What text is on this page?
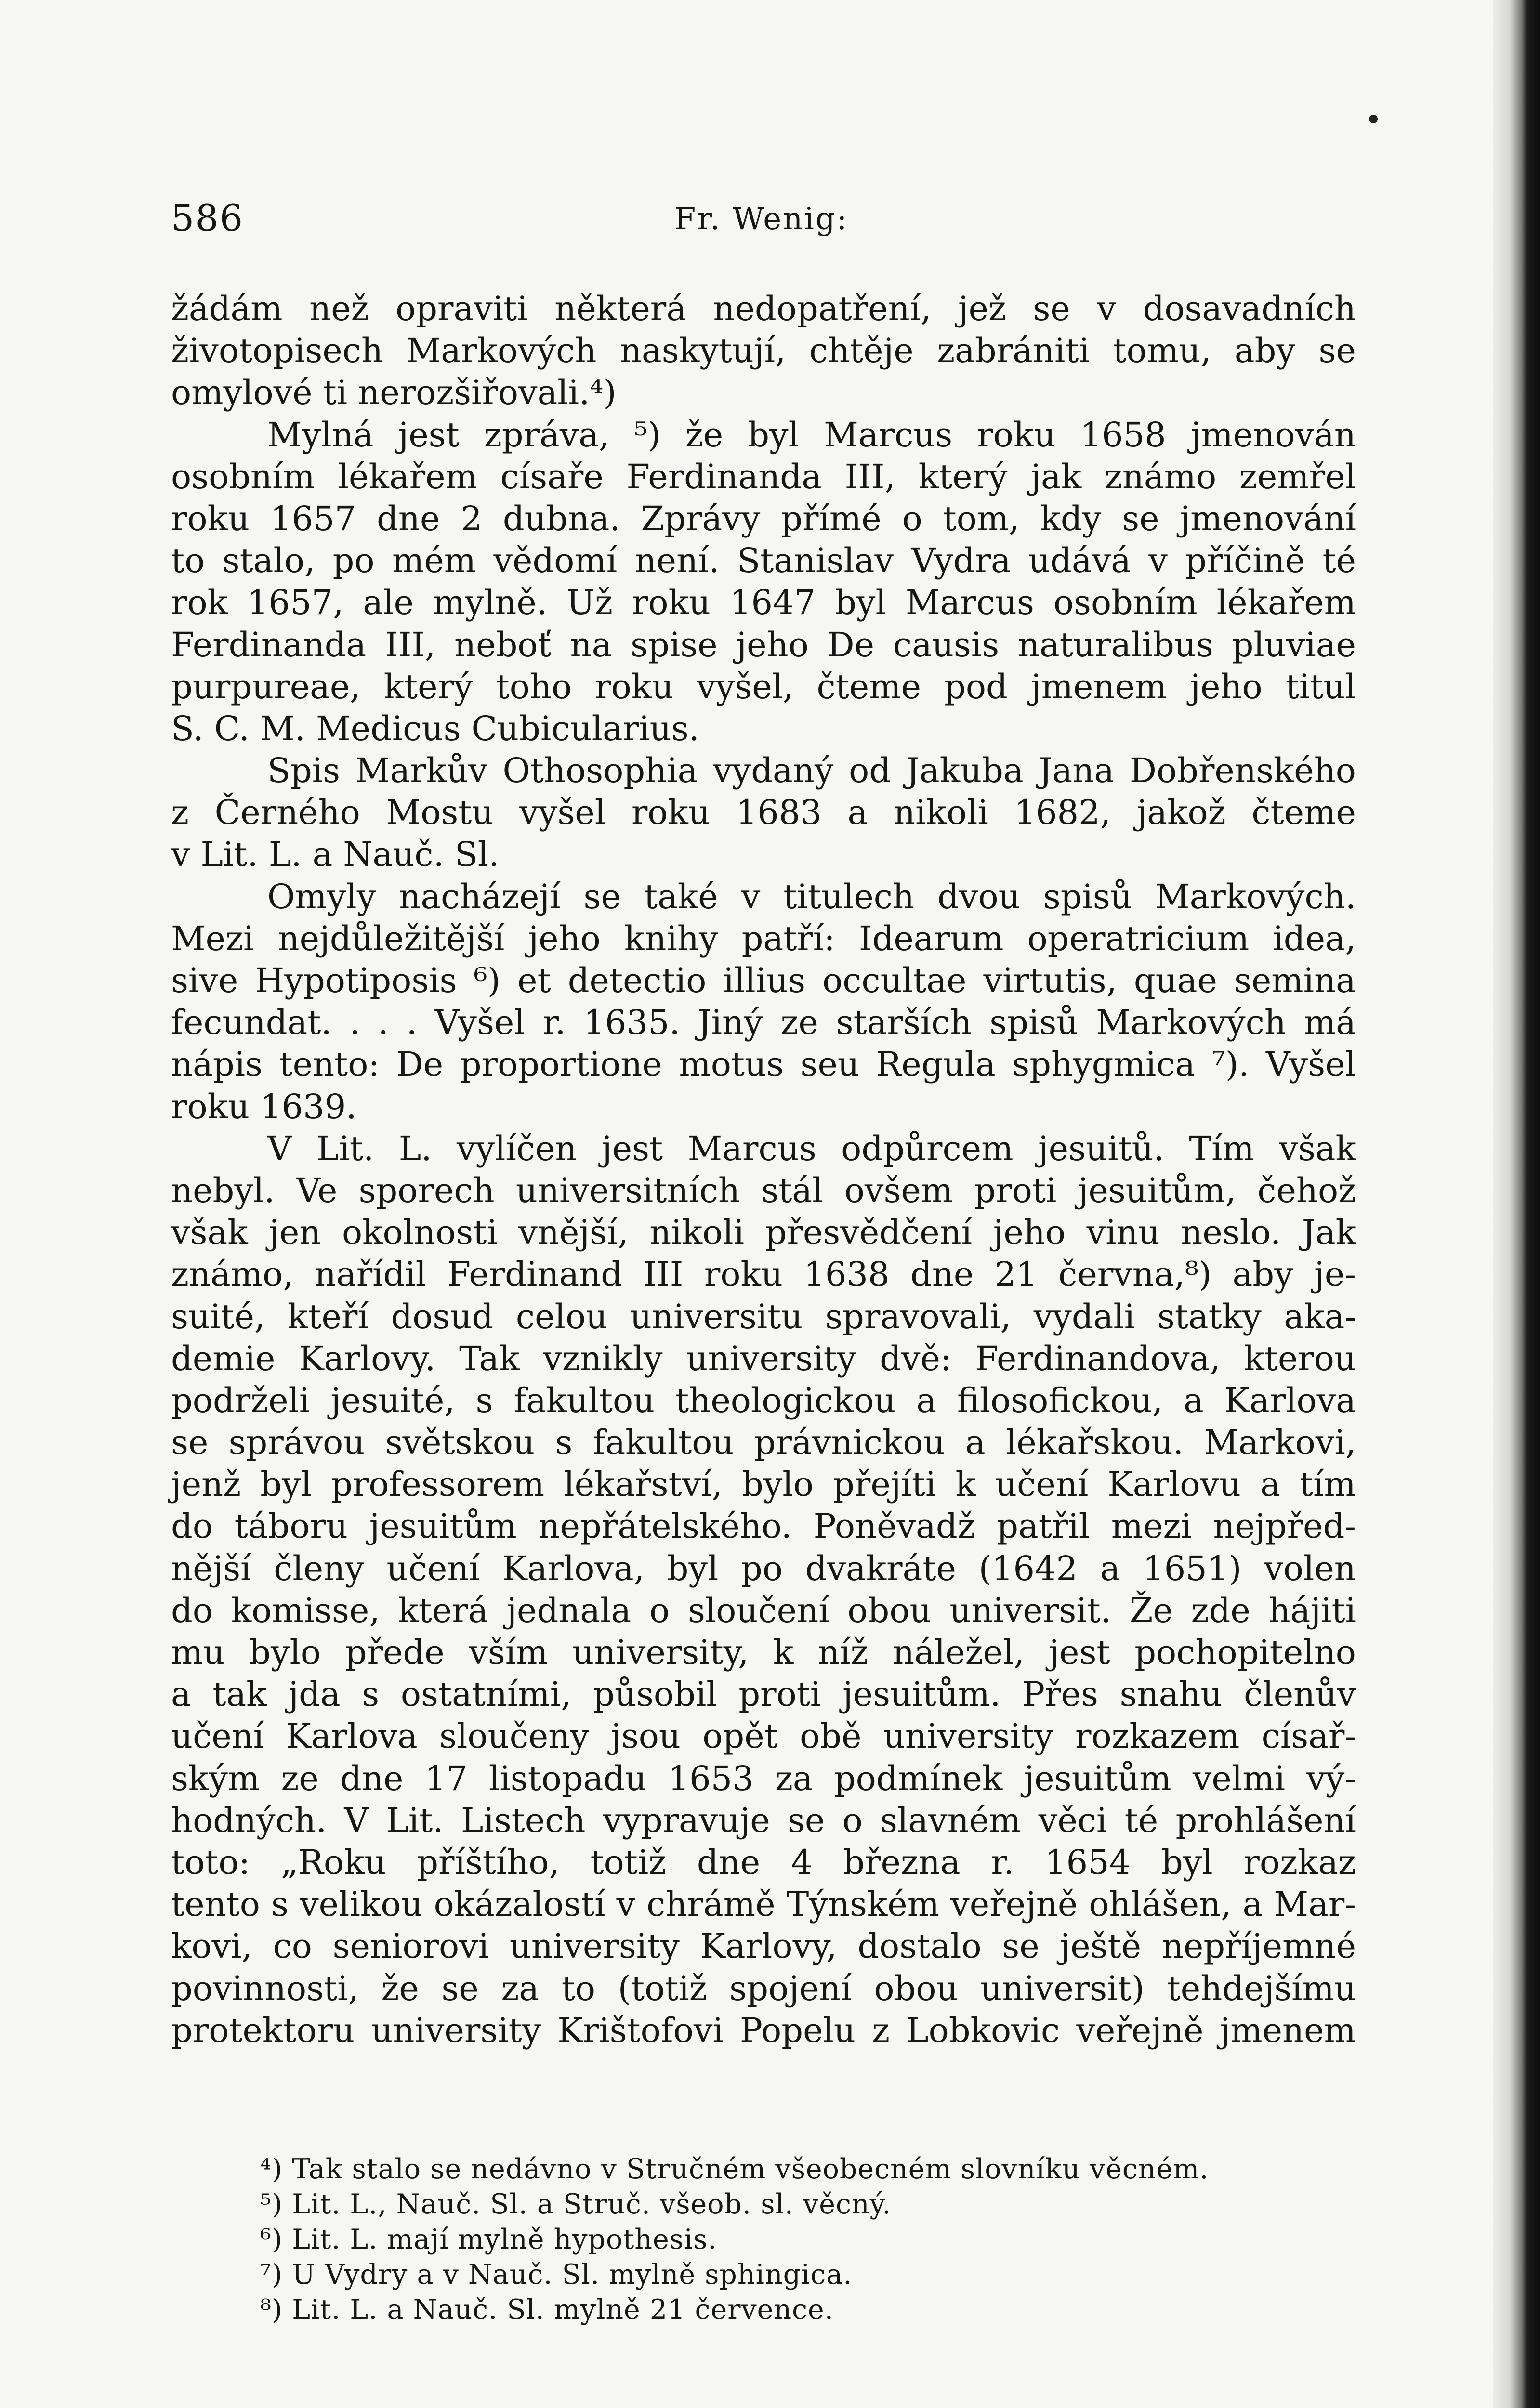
586	Fr. Wenig:
žádám než opraviti některá nedopatření, jež se v dosavadních
životopisech Markových naskytují, chtěje zabrániti tomu, aby se
omylové ti nerozšiřovali.⁴)
Mylná jest zpráva, ⁵) že byl Marcus roku 1658 jmenován
osobním lékařem císaře Ferdinanda III, který jak známo zemřel
roku 1657 dne 2 dubna. Zprávy přímé o tom, kdy se jmenování
to stalo, po mém vědomí není. Stanislav Vydra udává v příčině té
rok 1657, ale mylně. Už roku 1647 byl Marcus osobním lékařem
Ferdinanda III, neboť na spise jeho De causis naturalibus pluviae
purpureae, který toho roku vyšel, čteme pod jmenem jeho titul
S. C. M. Medicus Cubicularius.
Spis Markův Othosophia vydaný od Jakuba Jana Dobřenského
z Černého Mostu vyšel roku 1683 a nikoli 1682, jakož čteme
v Lit. L. a Nauč. Sl.
Omyly nacházejí se také v titulech dvou spisů Markových.
Mezi nejdůležitější jeho knihy patří: Idearum operatricium idea,
sive Hypotiposis ⁶) et detectio illius occultae virtutis, quae semina
fecundat. . . . Vyšel r. 1635. Jiný ze starších spisů Markových má
nápis tento: De proportione motus seu Regula sphygmica ⁷). Vyšel
roku 1639.
V Lit. L. vylíčen jest Marcus odpůrcem jesuitů. Tím však
nebyl. Ve sporech universitních stál ovšem proti jesuitům, čehož
však jen okolnosti vnější, nikoli přesvědčení jeho vinu neslo. Jak
známo, nařídil Ferdinand III roku 1638 dne 21 června,⁸) aby je-
suité, kteří dosud celou universitu spravovali, vydali statky aka-
demie Karlovy. Tak vznikly university dvě: Ferdinandova, kterou
podrželi jesuité, s fakultou theologickou a filosofickou, a Karlova
se správou světskou s fakultou právnickou a lékařskou. Markovi,
jenž byl professorem lékařství, bylo přejíti k učení Karlovu a tím
do táboru jesuitům nepřátelského. Poněvadž patřil mezi nejpřed-
nější členy učení Karlova, byl po dvakráte (1642 a 1651) volen
do komisse, která jednala o sloučení obou universit. Že zde hájiti
mu bylo přede vším university, k níž náležel, jest pochopitelno
a tak jda s ostatními, působil proti jesuitům. Přes snahu členův
učení Karlova sloučeny jsou opět obě university rozkazem císař-
ským ze dne 17 listopadu 1653 za podmínek jesuitům velmi vý-
hodných. V Lit. Listech vypravuje se o slavném věci té prohlášení
toto: „Roku příštího, totiž dne 4 března r. 1654 byl rozkaz
tento s velikou okázalostí v chrámě Týnském veřejně ohlášen, a Mar-
kovi, co seniorovi university Karlovy, dostalo se ještě nepříjemné
povinnosti, že se za to (totiž spojení obou universit) tehdejšímu
protektoru university Krištofovi Popelu z Lobkovic veřejně jmenem
⁴) Tak stalo se nedávno v Stručném všeobecném slovníku věcném.
⁵) Lit. L., Nauč. Sl. a Struč. všeob. sl. věcný.
⁶) Lit. L. mají mylně hypothesis.
⁷) U Vydry a v Nauč. Sl. mylně sphingica.
⁸) Lit. L. a Nauč. Sl. mylně 21 července.
